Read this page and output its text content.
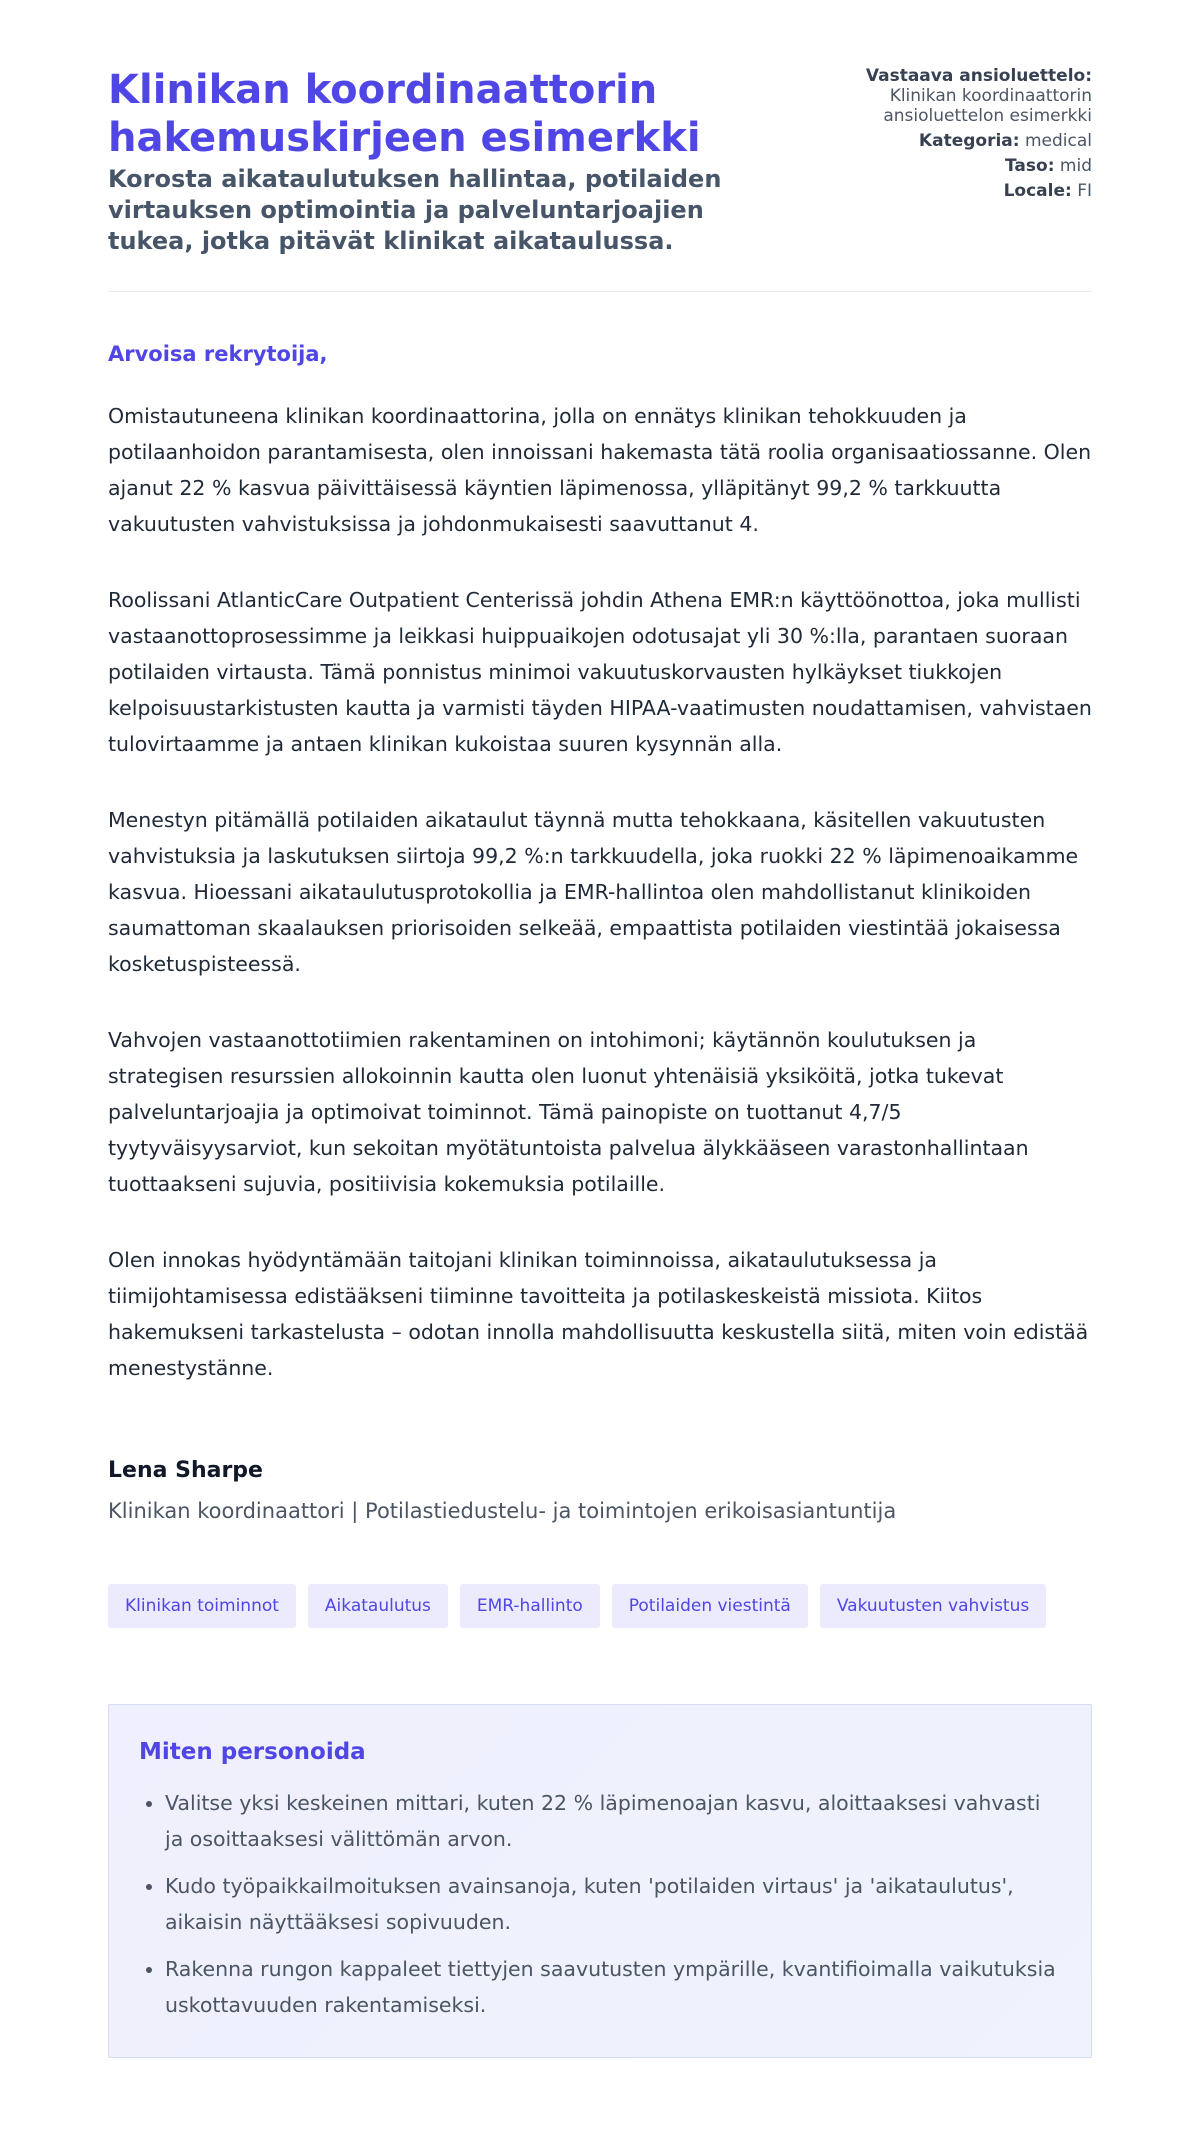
Klinikan koordinaattorin hakemuskirjeen esimerkki
Korosta aikataulutuksen hallintaa, potilaiden virtauksen optimointia ja palveluntarjoajien tukea, jotka pitävät klinikat aikataulussa.
Vastaava ansioluettelo:
Klinikan koordinaattorin ansioluettelon esimerkki
Kategoria: medical
Taso: mid
Locale: FI

Arvoisa rekrytoija,

Omistautuneena klinikan koordinaattorina, jolla on ennätys klinikan tehokkuuden ja potilaanhoidon parantamisesta, olen innoissani hakemasta tätä roolia organisaatiossanne. Olen ajanut 22 % kasvua päivittäisessä käyntien läpimenossa, ylläpitänyt 99,2 % tarkkuutta vakuutusten vahvistuksissa ja johdonmukaisesti saavuttanut 4.

Roolissani AtlanticCare Outpatient Centerissä johdin Athena EMR:n käyttöönottoa, joka mullisti vastaanottoprosessimme ja leikkasi huippuaikojen odotusajat yli 30 %:lla, parantaen suoraan potilaiden virtausta. Tämä ponnistus minimoi vakuutuskorvausten hylkäykset tiukkojen kelpoisuustarkistusten kautta ja varmisti täyden HIPAA-vaatimusten noudattamisen, vahvistaen tulovirtaamme ja antaen klinikan kukoistaa suuren kysynnän alla.

Menestyn pitämällä potilaiden aikataulut täynnä mutta tehokkaana, käsitellen vakuutusten vahvistuksia ja laskutuksen siirtoja 99,2 %:n tarkkuudella, joka ruokki 22 % läpimenoaikamme kasvua. Hioessani aikataulutusprotokollia ja EMR-hallintoa olen mahdollistanut klinikoiden saumattoman skaalauksen priorisoiden selkeää, empaattista potilaiden viestintää jokaisessa kosketuspisteessä.

Vahvojen vastaanottotiimien rakentaminen on intohimoni; käytännön koulutuksen ja strategisen resurssien allokoinnin kautta olen luonut yhtenäisiä yksiköitä, jotka tukevat palveluntarjoajia ja optimoivat toiminnot. Tämä painopiste on tuottanut 4,7/5 tyytyväisyysarviot, kun sekoitan myötätuntoista palvelua älykkääseen varastonhallintaan tuottaakseni sujuvia, positiivisia kokemuksia potilaille.

Olen innokas hyödyntämään taitojani klinikan toiminnoissa, aikataulutuksessa ja tiimijohtamisessa edistääkseni tiiminne tavoitteita ja potilaskeskeistä missiota. Kiitos hakemukseni tarkastelusta – odotan innolla mahdollisuutta keskustella siitä, miten voin edistää menestystänne.

Lena Sharpe
Klinikan koordinaattori | Potilastiedustelu- ja toimintojen erikoisasiantuntija
Klinikan toiminnot	Aikataulutus	EMR-hallinto	Potilaiden viestintä	Vakuutusten vahvistus
Miten personoida
• Valitse yksi keskeinen mittari, kuten 22 % läpimenoajan kasvu, aloittaaksesi vahvasti ja osoittaaksesi välittömän arvon.
• Kudo työpaikkailmoituksen avainsanoja, kuten 'potilaiden virtaus' ja 'aikataulutus', aikaisin näyttääksesi sopivuuden.
• Rakenna rungon kappaleet tiettyjen saavutusten ympärille, kvantifioimalla vaikutuksia uskottavuuden rakentamiseksi.
